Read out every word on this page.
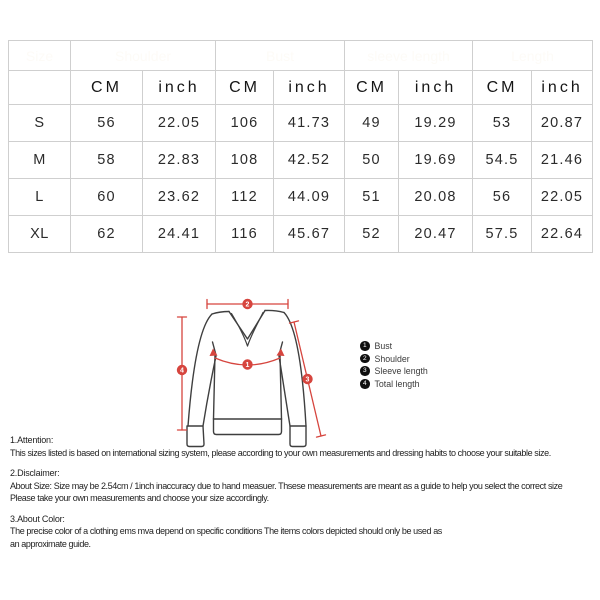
Size	Shoulder		Bust		sleeve length		Length	
	CM	inch	CM	inch	CM	inch	CM	inch
S	56	22.05	106	41.73	49	19.29	53	20.87
M	58	22.83	108	42.52	50	19.69	54.5	21.46
L	60	23.62	112	44.09	51	20.08	56	22.05
XL	62	24.41	116	45.67	52	20.47	57.5	22.64
2
4
3
1
1 Bust
2 Shoulder
3 Sleeve length
4 Total length
1.Attention:
This sizes listed is based on international sizing system, please according to your own measurements and dressing habits to choose your suitable size.
2.Disclaimer:
About Size: Size may be 2.54cm / 1inch inaccuracy due to hand measuer. Thsese measurements are meant as a guide to help you select the correct size
Please take your own measurements and choose your size accordingly.
3.About Color:
The precise color of a clothing ems mva depend on specific conditions The items colors depicted should only be used as
an approximate guide.
